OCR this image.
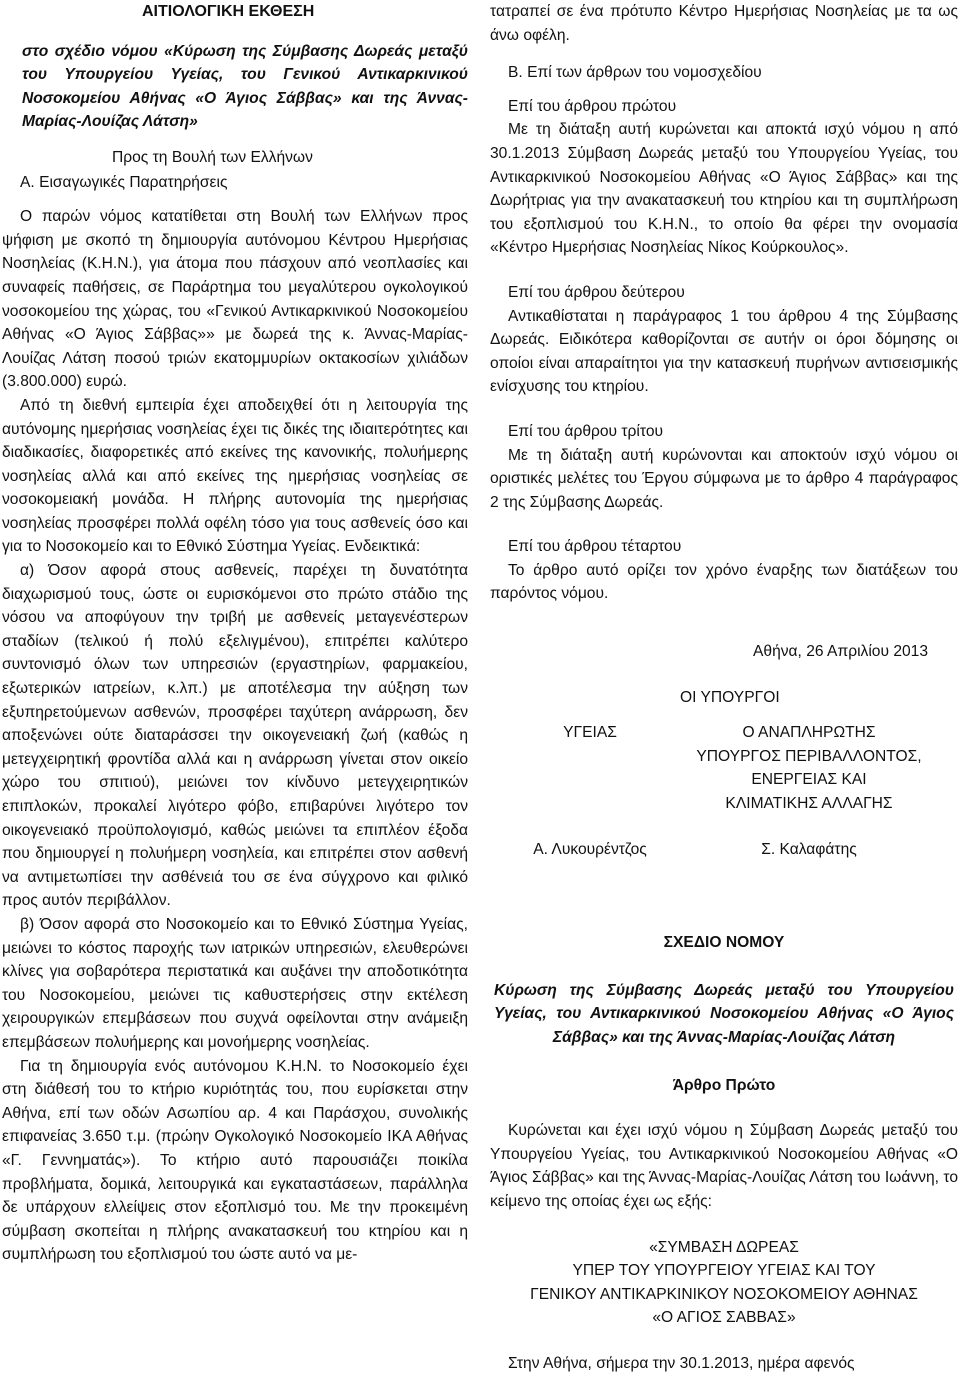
ΑΙΤΙΟΛΟΓΙΚΗ ΕΚΘΕΣΗ

στο σχέδιο νόμου «Κύρωση της Σύμβασης Δωρεάς μεταξύ του Υπουργείου Υγείας, του Γενικού Αντικαρκινικού Νοσοκομείου Αθήνας «Ο Άγιος Σάββας» και της Άννας-Μαρίας-Λουίζας Λάτση»

Προς τη Βουλή των Ελλήνων

Α. Εισαγωγικές Παρατηρήσεις

Ο παρών νόμος κατατίθεται στη Βουλή των Ελλήνων προς ψήφιση με σκοπό τη δημιουργία αυτόνομου Κέντρου Ημερήσιας Νοσηλείας (Κ.Η.Ν.), για άτομα που πάσχουν από νεοπλασίες και συναφείς παθήσεις, σε Παράρτημα του μεγαλύτερου ογκολογικού νοσοκομείου της χώρας, του «Γενικού Αντικαρκινικού Νοσοκομείου Αθήνας «Ο Άγιος Σάββας»» με δωρεά της κ. Άννας-Μαρίας-Λουίζας Λάτση ποσού τριών εκατομμυρίων οκτακοσίων χιλιάδων (3.800.000) ευρώ.

Από τη διεθνή εμπειρία έχει αποδειχθεί ότι η λειτουργία της αυτόνομης ημερήσιας νοσηλείας έχει τις δικές της ιδιαιτερότητες και διαδικασίες, διαφορετικές από εκείνες της κανονικής, πολυήμερης νοσηλείας αλλά και από εκείνες της ημερήσιας νοσηλείας σε νοσοκομειακή μονάδα. Η πλήρης αυτονομία της ημερήσιας νοσηλείας προσφέρει πολλά οφέλη τόσο για τους ασθενείς όσο και για το Νοσοκομείο και το Εθνικό Σύστημα Υγείας. Ενδεικτικά:

α) Όσον αφορά στους ασθενείς, παρέχει τη δυνατότητα διαχωρισμού τους, ώστε οι ευρισκόμενοι στο πρώτο στάδιο της νόσου να αποφύγουν την τριβή με ασθενείς μεταγενέστερων σταδίων (τελικού ή πολύ εξελιγμένου), επιτρέπει καλύτερο συντονισμό όλων των υπηρεσιών (εργαστηρίων, φαρμακείου, εξωτερικών ιατρείων, κ.λπ.) με αποτέλεσμα την αύξηση των εξυπηρετούμενων ασθενών, προσφέρει ταχύτερη ανάρρωση, δεν αποξενώνει ούτε διαταράσσει την οικογενειακή ζωή (καθώς η μετεγχειρητική φροντίδα αλλά και η ανάρρωση γίνεται στον οικείο χώρο του σπιτιού), μειώνει τον κίνδυνο μετεγχειρητικών επιπλοκών, προκαλεί λιγότερο φόβο, επιβαρύνει λιγότερο τον οικογενειακό προϋπολογισμό, καθώς μειώνει τα επιπλέον έξοδα που δημιουργεί η πολυήμερη νοσηλεία, και επιτρέπει στον ασθενή να αντιμετωπίσει την ασθένειά του σε ένα σύγχρονο και φιλικό προς αυτόν περιβάλλον.

β) Όσον αφορά στο Νοσοκομείο και το Εθνικό Σύστημα Υγείας, μειώνει το κόστος παροχής των ιατρικών υπηρεσιών, ελευθερώνει κλίνες για σοβαρότερα περιστατικά και αυξάνει την αποδοτικότητα του Νοσοκομείου, μειώνει τις καθυστερήσεις στην εκτέλεση χειρουργικών επεμβάσεων που συχνά οφείλονται στην ανάμειξη επεμβάσεων πολυήμερης και μονοήμερης νοσηλείας.

Για τη δημιουργία ενός αυτόνομου Κ.Η.Ν. το Νοσοκομείο έχει στη διάθεσή του το κτήριο κυριότητάς του, που ευρίσκεται στην Αθήνα, επί των οδών Ασωπίου αρ. 4 και Παράσχου, συνολικής επιφανείας 3.650 τ.μ. (πρώην Ογκολογικό Νοσοκομείο ΙΚΑ Αθήνας «Γ. Γεννηματάς»). Το κτήριο αυτό παρουσιάζει ποικίλα προβλήματα, δομικά, λειτουργικά και εγκαταστάσεων, παράλληλα δε υπάρχουν ελλείψεις στον εξοπλισμό του. Με την προκειμένη σύμβαση σκοπείται η πλήρης ανακατασκευή του κτηρίου και η συμπλήρωση του εξοπλισμού του ώστε αυτό να με-

τατραπεί σε ένα πρότυπο Κέντρο Ημερήσιας Νοσηλείας με τα ως άνω οφέλη.

Β. Επί των άρθρων του νομοσχεδίου

Επί του άρθρου πρώτου

Με τη διάταξη αυτή κυρώνεται και αποκτά ισχύ νόμου η από 30.1.2013 Σύμβαση Δωρεάς μεταξύ του Υπουργείου Υγείας, του Αντικαρκινικού Νοσοκομείου Αθήνας «Ο Άγιος Σάββας» και της Δωρήτριας για την ανακατασκευή του κτηρίου και τη συμπλήρωση του εξοπλισμού του Κ.Η.Ν., το οποίο θα φέρει την ονομασία «Κέντρο Ημερήσιας Νοσηλείας Νίκος Κούρκουλος».

Επί του άρθρου δεύτερου

Αντικαθίσταται η παράγραφος 1 του άρθρου 4 της Σύμβασης Δωρεάς. Ειδικότερα καθορίζονται σε αυτήν οι όροι δόμησης οι οποίοι είναι απαραίτητοι για την κατασκευή πυρήνων αντισεισμικής ενίσχυσης του κτηρίου.

Επί του άρθρου τρίτου

Με τη διάταξη αυτή κυρώνονται και αποκτούν ισχύ νόμου οι οριστικές μελέτες του Έργου σύμφωνα με το άρθρο 4 παράγραφος 2 της Σύμβασης Δωρεάς.

Επί του άρθρου τέταρτου

Το άρθρο αυτό ορίζει τον χρόνο έναρξης των διατάξεων του παρόντος νόμου.

Αθήνα, 26 Απριλίου 2013

ΟΙ ΥΠΟΥΡΓΟΙ

ΥΓΕΙΑΣ	Ο ΑΝΑΠΛΗΡΩΤΗΣ

ΥΠΟΥΡΓΟΣ ΠΕΡΙΒΑΛΛΟΝΤΟΣ,

ΕΝΕΡΓΕΙΑΣ ΚΑΙ

ΚΛΙΜΑΤΙΚΗΣ ΑΛΛΑΓΗΣ

Α. Λυκουρέντζος	Σ. Καλαφάτης

ΣΧΕΔΙΟ ΝΟΜΟΥ

Κύρωση της Σύμβασης Δωρεάς μεταξύ του Υπουργείου Υγείας, του Αντικαρκινικού Νοσοκομείου Αθήνας «Ο Άγιος Σάββας» και της Άννας-Μαρίας-Λουίζας Λάτση

Άρθρο Πρώτο

Κυρώνεται και έχει ισχύ νόμου η Σύμβαση Δωρεάς μεταξύ του Υπουργείου Υγείας, του Αντικαρκινικού Νοσοκομείου Αθήνας «Ο Άγιος Σάββας» και της Άννας-Μαρίας-Λουίζας Λάτση του Ιωάννη, το κείμενο της οποίας έχει ως εξής:

«ΣΥΜΒΑΣΗ ΔΩΡΕΑΣ

ΥΠΕΡ ΤΟΥ ΥΠΟΥΡΓΕΙΟΥ ΥΓΕΙΑΣ ΚΑΙ ΤΟΥ

ΓΕΝΙΚΟΥ ΑΝΤΙΚΑΡΚΙΝΙΚΟΥ ΝΟΣΟΚΟΜΕΙΟΥ ΑΘΗΝΑΣ

«Ο ΑΓΙΟΣ ΣΑΒΒΑΣ»

Στην Αθήνα, σήμερα την 30.1.2013, ημέρα αφενός
